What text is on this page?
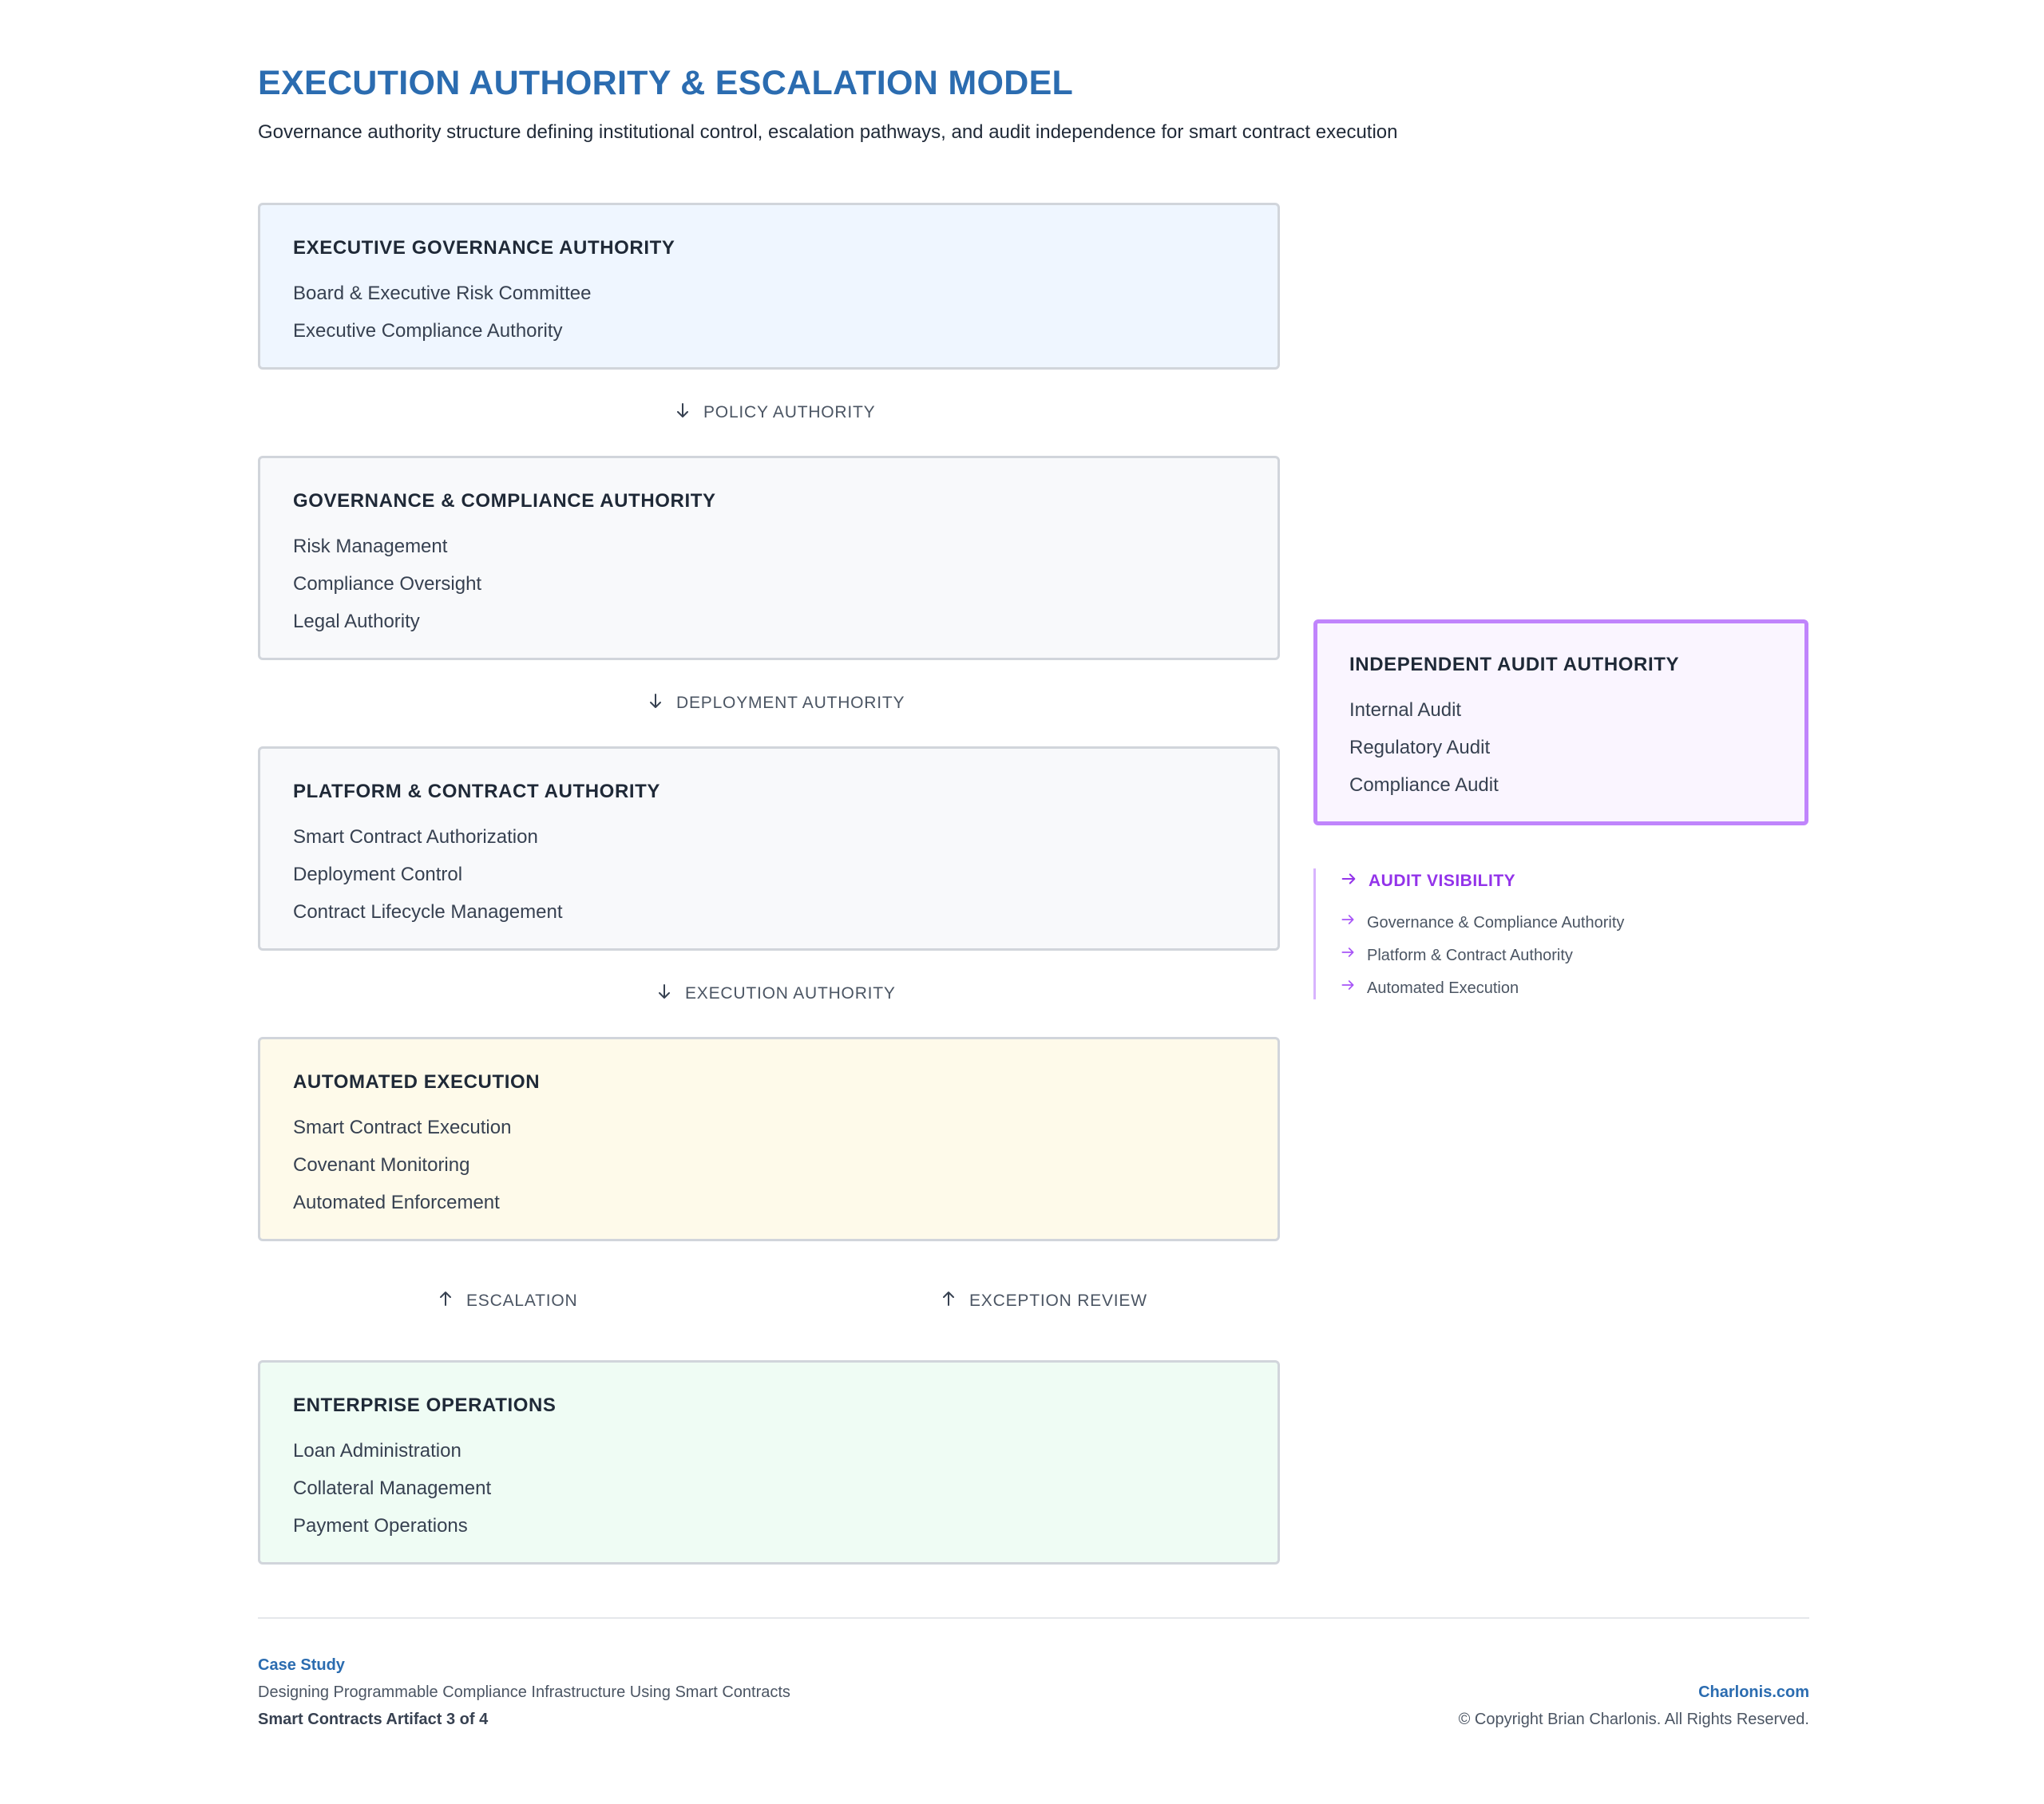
EXECUTION AUTHORITY & ESCALATION MODEL
Governance authority structure defining institutional control, escalation pathways, and audit independence for smart contract execution
EXECUTIVE GOVERNANCE AUTHORITY
Board & Executive Risk Committee
Executive Compliance Authority
POLICY AUTHORITY
GOVERNANCE & COMPLIANCE AUTHORITY
Risk Management
Compliance Oversight
Legal Authority
DEPLOYMENT AUTHORITY
PLATFORM & CONTRACT AUTHORITY
Smart Contract Authorization
Deployment Control
Contract Lifecycle Management
EXECUTION AUTHORITY
AUTOMATED EXECUTION
Smart Contract Execution
Covenant Monitoring
Automated Enforcement
ESCALATION	EXCEPTION REVIEW
ENTERPRISE OPERATIONS
Loan Administration
Collateral Management
Payment Operations
INDEPENDENT AUDIT AUTHORITY
Internal Audit
Regulatory Audit
Compliance Audit
AUDIT VISIBILITY
Governance & Compliance Authority
Platform & Contract Authority
Automated Execution
Case Study
Designing Programmable Compliance Infrastructure Using Smart Contracts
Smart Contracts Artifact 3 of 4
Charlonis.com
© Copyright Brian Charlonis. All Rights Reserved.
